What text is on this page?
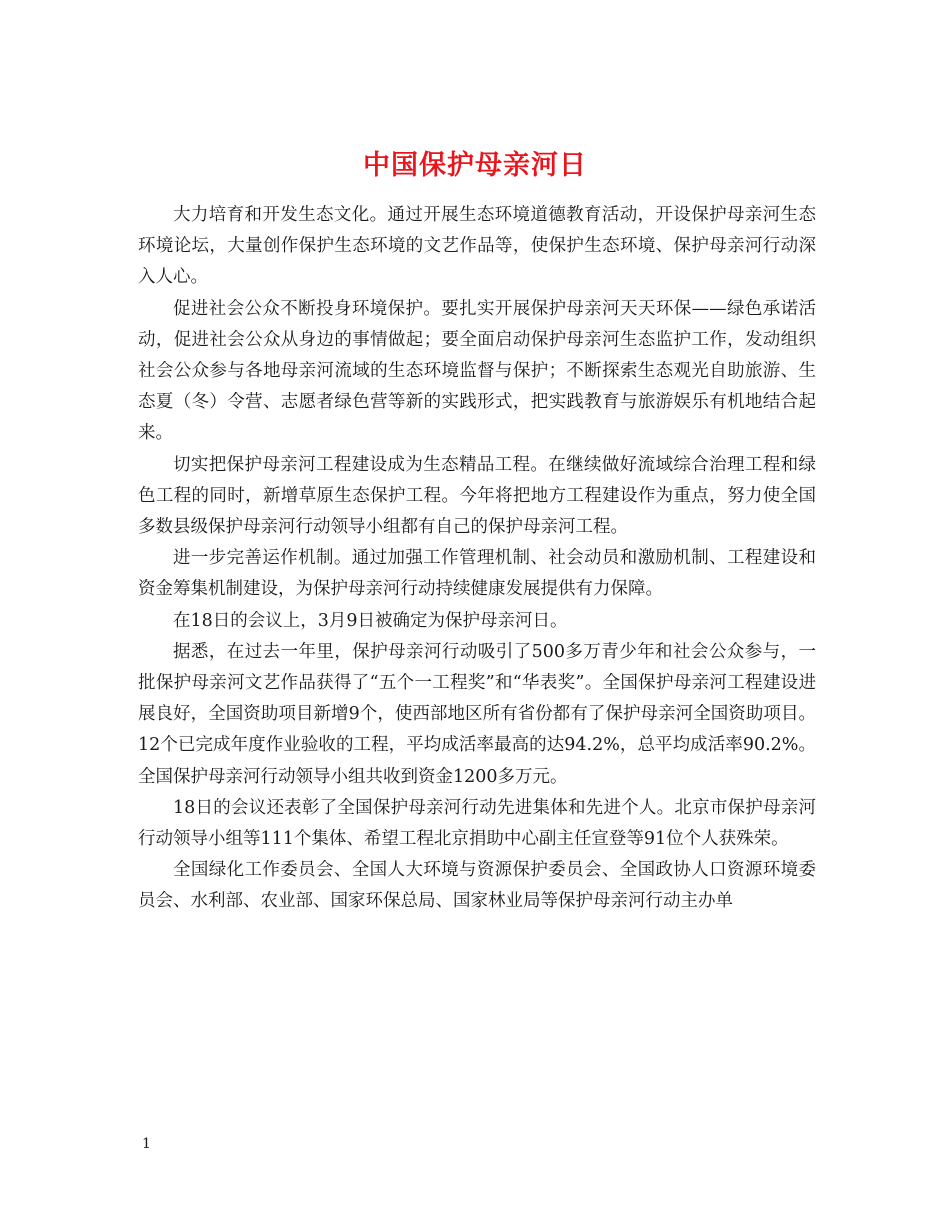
中国保护母亲河日

大力培育和开发生态文化。通过开展生态环境道德教育活动，开设保护母亲河生态环境论坛，大量创作保护生态环境的文艺作品等，使保护生态环境、保护母亲河行动深入人心。

促进社会公众不断投身环境保护。要扎实开展保护母亲河天天环保——绿色承诺活动，促进社会公众从身边的事情做起；要全面启动保护母亲河生态监护工作，发动组织社会公众参与各地母亲河流域的生态环境监督与保护；不断探索生态观光自助旅游、生态夏（冬）令营、志愿者绿色营等新的实践形式，把实践教育与旅游娱乐有机地结合起来。

切实把保护母亲河工程建设成为生态精品工程。在继续做好流域综合治理工程和绿色工程的同时，新增草原生态保护工程。今年将把地方工程建设作为重点，努力使全国多数县级保护母亲河行动领导小组都有自己的保护母亲河工程。

进一步完善运作机制。通过加强工作管理机制、社会动员和激励机制、工程建设和资金筹集机制建设，为保护母亲河行动持续健康发展提供有力保障。

在18日的会议上，3月9日被确定为保护母亲河日。

据悉，在过去一年里，保护母亲河行动吸引了500多万青少年和社会公众参与，一批保护母亲河文艺作品获得了“五个一工程奖”和“华表奖”。全国保护母亲河工程建设进展良好，全国资助项目新增9个，使西部地区所有省份都有了保护母亲河全国资助项目。12个已完成年度作业验收的工程，平均成活率最高的达94.2%，总平均成活率90.2%。全国保护母亲河行动领导小组共收到资金1200多万元。

18日的会议还表彰了全国保护母亲河行动先进集体和先进个人。北京市保护母亲河行动领导小组等111个集体、希望工程北京捐助中心副主任宣登等91位个人获殊荣。

全国绿化工作委员会、全国人大环境与资源保护委员会、全国政协人口资源环境委员会、水利部、农业部、国家环保总局、国家林业局等保护母亲河行动主办单

1
